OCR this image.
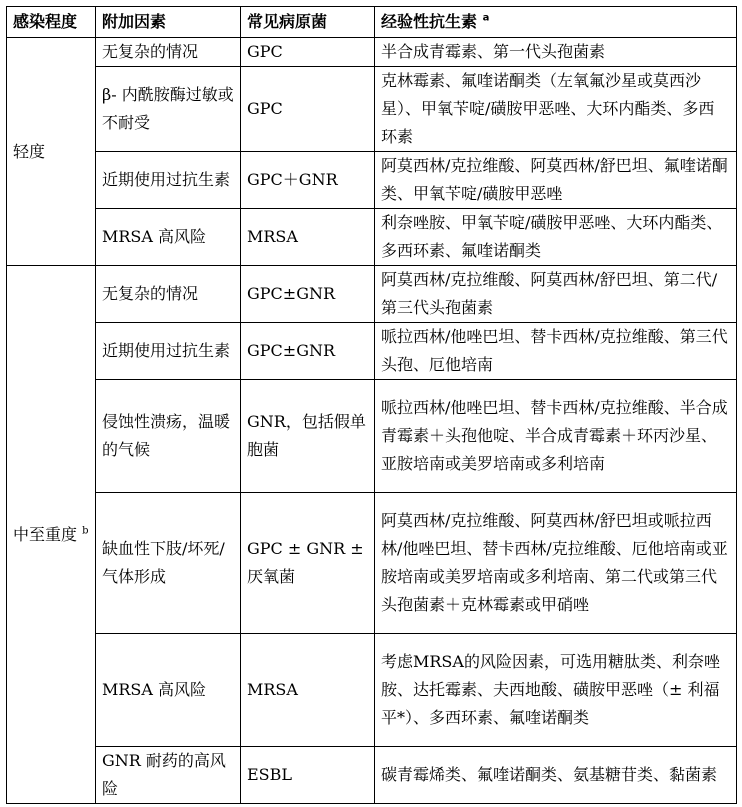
感染程度	附加因素	常见病原菌	经验性抗生素 $^a$
轻度	无复杂的情况	GPC	半合成青霉素、第一代头孢菌素
	β- 内酰胺酶过敏或不耐受	GPC	克林霉素、氟喹诺酮类（左氧氟沙星或莫西沙星）、甲氧苄啶/磺胺甲恶唑、大环内酯类、多西环素
	近期使用过抗生素	GPC＋GNR	阿莫西林/克拉维酸、阿莫西林/舒巴坦、氟喹诺酮类、甲氧苄啶/磺胺甲恶唑
	MRSA 高风险	MRSA	利奈唑胺、甲氧苄啶/磺胺甲恶唑、大环内酯类、多西环素、氟喹诺酮类
中至重度 $^b$	无复杂的情况	GPC±GNR	阿莫西林/克拉维酸、阿莫西林/舒巴坦、第二代/第三代头孢菌素
	近期使用过抗生素	GPC±GNR	哌拉西林/他唑巴坦、替卡西林/克拉维酸、第三代头孢、厄他培南
	侵蚀性溃疡，温暖的气候	GNR，包括假单胞菌	哌拉西林/他唑巴坦、替卡西林/克拉维酸、半合成青霉素＋头孢他啶、半合成青霉素＋环丙沙星、亚胺培南或美罗培南或多利培南
	缺血性下肢/坏死/气体形成	GPC ± GNR ± 厌氧菌	阿莫西林/克拉维酸、阿莫西林/舒巴坦或哌拉西林/他唑巴坦、替卡西林/克拉维酸、厄他培南或亚胺培南或美罗培南或多利培南、第二代或第三代头孢菌素＋克林霉素或甲硝唑
	MRSA 高风险	MRSA	考虑MRSA的风险因素，可选用糖肽类、利奈唑胺、达托霉素、夫西地酸、磺胺甲恶唑（± 利福平*）、多西环素、氟喹诺酮类
	GNR 耐药的高风险	ESBL	碳青霉烯类、氟喹诺酮类、氨基糖苷类、黏菌素
